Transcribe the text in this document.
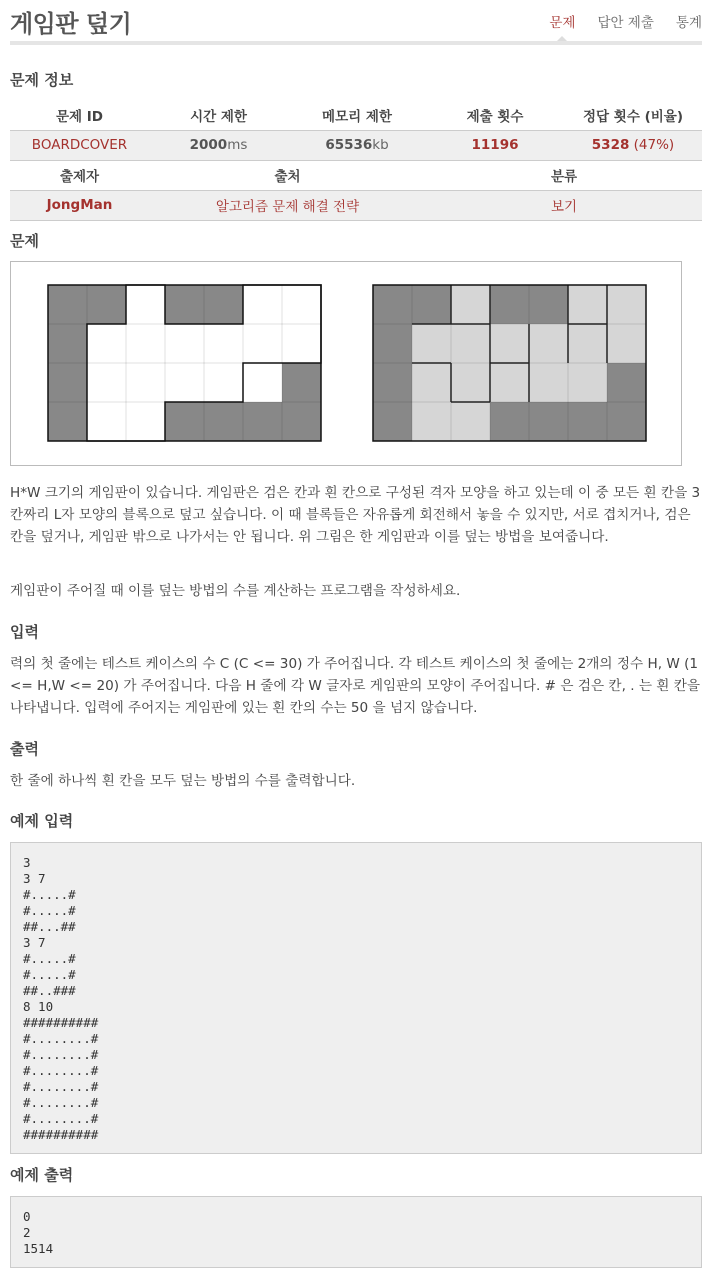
게임판 덮기	문제 답안 제출 통계
문제 정보
문제 ID	시간 제한	메모리 제한	제출 횟수	정답 횟수 (비율)
BOARDCOVER	2000ms	65536kb	11196	5328 (47%)
출제자	출처	분류
JongMan	알고리즘 문제 해결 전략	보기
문제
H*W 크기의 게임판이 있습니다. 게임판은 검은 칸과 흰 칸으로 구성된 격자 모양을 하고 있는데 이 중 모든 흰 칸을 3칸짜리 L자 모양의 블록으로 덮고 싶습니다. 이 때 블록들은 자유롭게 회전해서 놓을 수 있지만, 서로 겹치거나, 검은 칸을 덮거나, 게임판 밖으로 나가서는 안 됩니다. 위 그림은 한 게임판과 이를 덮는 방법을 보여줍니다.
게임판이 주어질 때 이를 덮는 방법의 수를 계산하는 프로그램을 작성하세요.
입력
력의 첫 줄에는 테스트 케이스의 수 C (C <= 30) 가 주어집니다. 각 테스트 케이스의 첫 줄에는 2개의 정수 H, W (1 <= H,W <= 20) 가 주어집니다. 다음 H 줄에 각 W 글자로 게임판의 모양이 주어집니다. # 은 검은 칸, . 는 흰 칸을 나타냅니다. 입력에 주어지는 게임판에 있는 흰 칸의 수는 50 을 넘지 않습니다.
출력
한 줄에 하나씩 흰 칸을 모두 덮는 방법의 수를 출력합니다.
예제 입력
3
3 7
#.....#
#.....#
##...##
3 7
#.....#
#.....#
##..###
8 10
##########
#........#
#........#
#........#
#........#
#........#
#........#
##########
예제 출력
0
2
1514
